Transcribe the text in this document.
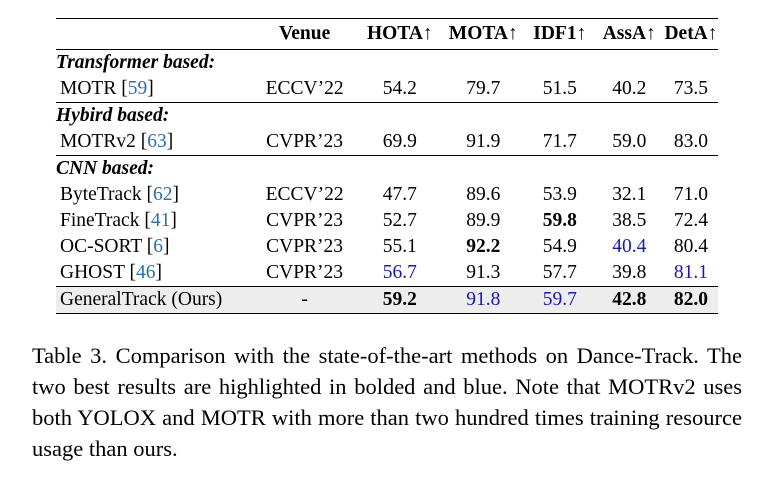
	Venue	HOTA↑	MOTA↑	IDF1↑	AssA↑	DetA↑
Transformer based:						
MOTR [59]	ECCV’22	54.2	79.7	51.5	40.2	73.5
Hybird based:						
MOTRv2 [63]	CVPR’23	69.9	91.9	71.7	59.0	83.0
CNN based:						
ByteTrack [62]	ECCV’22	47.7	89.6	53.9	32.1	71.0
FineTrack [41]	CVPR’23	52.7	89.9	59.8	38.5	72.4
OC-SORT [6]	CVPR’23	55.1	92.2	54.9	40.4	80.4
GHOST [46]	CVPR’23	56.7	91.3	57.7	39.8	81.1
GeneralTrack (Ours)	-	59.2	91.8	59.7	42.8	82.0

Table 3. Comparison with the state-of-the-art methods on Dance-Track. The two best results are highlighted in bolded and blue. Note that MOTRv2 uses both YOLOX and MOTR with more than two hundred times training resource usage than ours.
